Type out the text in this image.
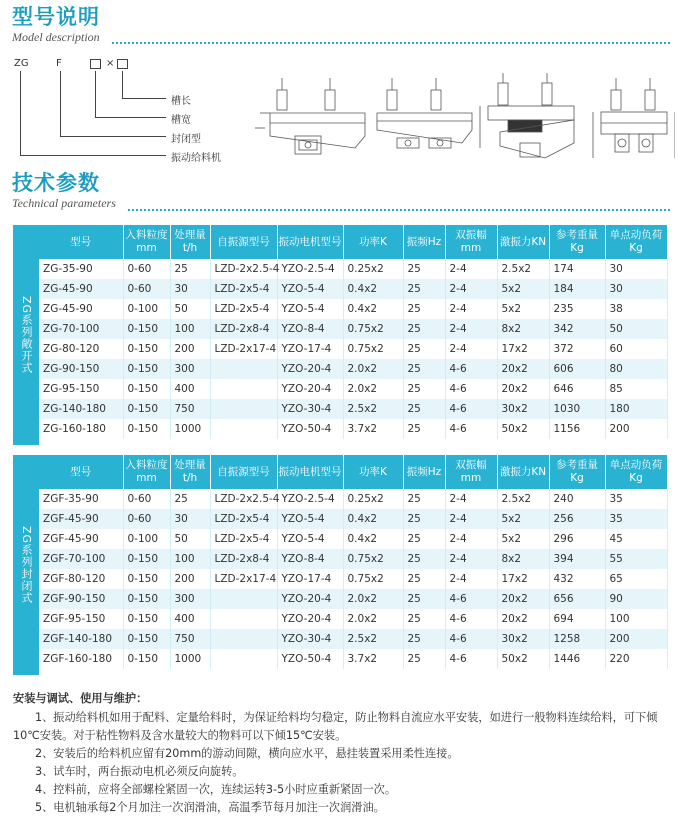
型号说明
Model description
ZG	F	×
槽长
槽宽
封闭型
振动给料机
技术参数
Technical parameters
ZG系列敞开式
型号	入料粒度mm	处理量t/h	自振源型号	振动电机型号	功率K	振频Hz	双振幅mm	激振力KN	参考重量Kg	单点动负荷Kg
ZG-35-90	0-60	25	LZD-2x2.5-4	YZO-2.5-4	0.25x2	25	2-4	2.5x2	174	30
ZG-45-90	0-60	30	LZD-2x5-4	YZO-5-4	0.4x2	25	2-4	5x2	184	30
ZG-45-90	0-100	50	LZD-2x5-4	YZO-5-4	0.4x2	25	2-4	5x2	235	38
ZG-70-100	0-150	100	LZD-2x8-4	YZO-8-4	0.75x2	25	2-4	8x2	342	50
ZG-80-120	0-150	200	LZD-2x17-4	YZO-17-4	0.75x2	25	2-4	17x2	372	60
ZG-90-150	0-150	300		YZO-20-4	2.0x2	25	4-6	20x2	606	80
ZG-95-150	0-150	400		YZO-20-4	2.0x2	25	4-6	20x2	646	85
ZG-140-180	0-150	750		YZO-30-4	2.5x2	25	4-6	30x2	1030	180
ZG-160-180	0-150	1000		YZO-50-4	3.7x2	25	4-6	50x2	1156	200
ZG系列封闭式
型号	入料粒度mm	处理量t/h	自振源型号	振动电机型号	功率K	振频Hz	双振幅mm	激振力KN	参考重量Kg	单点动负荷Kg
ZGF-35-90	0-60	25	LZD-2x2.5-4	YZO-2.5-4	0.25x2	25	2-4	2.5x2	240	35
ZGF-45-90	0-60	30	LZD-2x5-4	YZO-5-4	0.4x2	25	2-4	5x2	256	35
ZGF-45-90	0-100	50	LZD-2x5-4	YZO-5-4	0.4x2	25	2-4	5x2	296	45
ZGF-70-100	0-150	100	LZD-2x8-4	YZO-8-4	0.75x2	25	2-4	8x2	394	55
ZGF-80-120	0-150	200	LZD-2x17-4	YZO-17-4	0.75x2	25	2-4	17x2	432	65
ZGF-90-150	0-150	300		YZO-20-4	2.0x2	25	4-6	20x2	656	90
ZGF-95-150	0-150	400		YZO-20-4	2.0x2	25	4-6	20x2	694	100
ZGF-140-180	0-150	750		YZO-30-4	2.5x2	25	4-6	30x2	1258	200
ZGF-160-180	0-150	1000		YZO-50-4	3.7x2	25	4-6	50x2	1446	220
安装与调试、使用与维护：

1、振动给料机如用于配料、定量给料时，为保证给料均匀稳定，防止物料自流应水平安装，如进行一般物料连续给料，可下倾10℃安装。对于粘性物料及含水量较大的物料可以下倾15℃安装。

2、安装后的给料机应留有20mm的游动间隙，横向应水平，悬挂装置采用柔性连接。

3、试车时，两台振动电机必须反向旋转。

4、控料前，应将全部螺栓紧固一次，连续运转3-5小时应重新紧固一次。

5、电机轴承每2个月加注一次润滑油，高温季节每月加注一次润滑油。
